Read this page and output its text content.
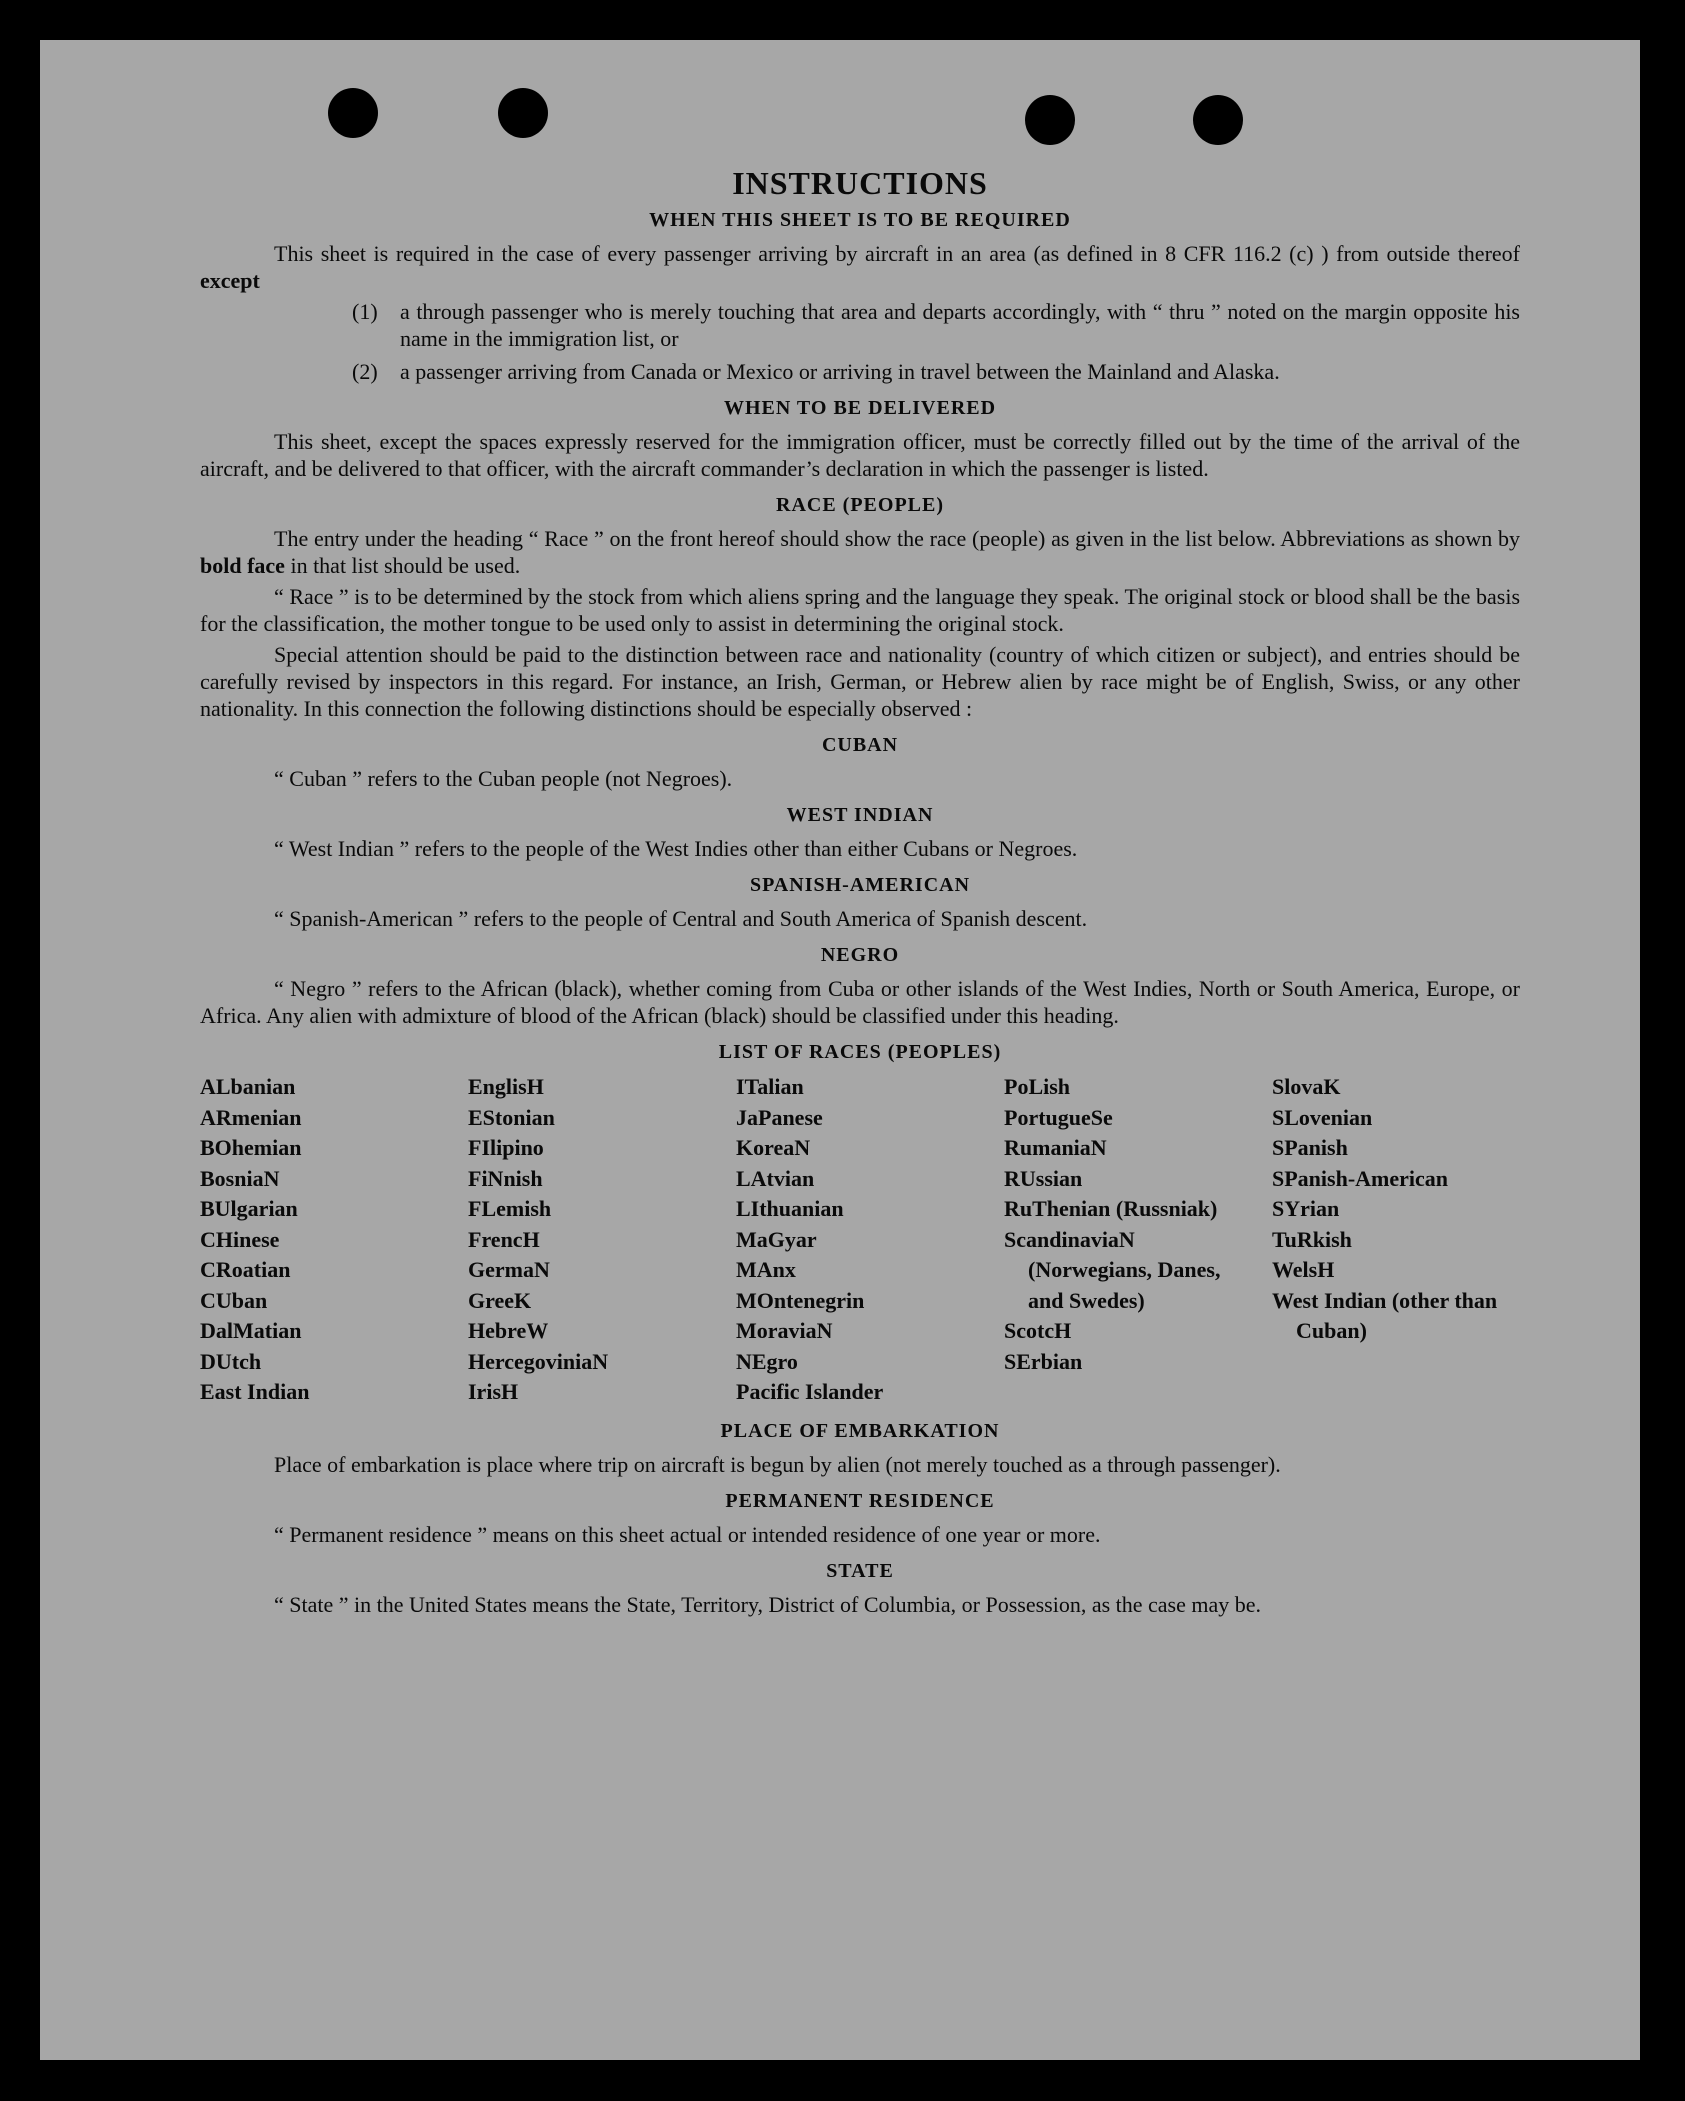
INSTRUCTIONS
WHEN THIS SHEET IS TO BE REQUIRED

This sheet is required in the case of every passenger arriving by aircraft in an area (as defined in 8 CFR 116.2 (c) ) from outside thereof except

(1)	a through passenger who is merely touching that area and departs accordingly, with “ thru ” noted on the margin opposite his name in the immigration list, or
(2)	a passenger arriving from Canada or Mexico or arriving in travel between the Mainland and Alaska.
WHEN TO BE DELIVERED

This sheet, except the spaces expressly reserved for the immigration officer, must be correctly filled out by the time of the arrival of the aircraft, and be delivered to that officer, with the aircraft commander’s declaration in which the passenger is listed.

RACE (PEOPLE)

The entry under the heading “ Race ” on the front hereof should show the race (people) as given in the list below. Abbreviations as shown by bold face in that list should be used.

“ Race ” is to be determined by the stock from which aliens spring and the language they speak. The original stock or blood shall be the basis for the classification, the mother tongue to be used only to assist in determining the original stock.

Special attention should be paid to the distinction between race and nationality (country of which citizen or subject), and entries should be carefully revised by inspectors in this regard. For instance, an Irish, German, or Hebrew alien by race might be of English, Swiss, or any other nationality. In this connection the following distinctions should be especially observed :

CUBAN

“ Cuban ” refers to the Cuban people (not Negroes).

WEST INDIAN

“ West Indian ” refers to the people of the West Indies other than either Cubans or Negroes.

SPANISH-AMERICAN

“ Spanish-American ” refers to the people of Central and South America of Spanish descent.

NEGRO

“ Negro ” refers to the African (black), whether coming from Cuba or other islands of the West Indies, North or South America, Europe, or Africa. Any alien with admixture of blood of the African (black) should be classified under this heading.

LIST OF RACES (PEOPLES)
ALbanian
ARmenian
BOhemian
BosniaN
BUlgarian
CHinese
CRoatian
CUban
DalMatian
DUtch
East Indian
EnglisH
EStonian
FIlipino
FiNnish
FLemish
FrencH
GermaN
GreeK
HebreW
HercegoviniaN
IrisH
ITalian
JaPanese
KoreaN
LAtvian
LIthuanian
MaGyar
MAnx
MOntenegrin
MoraviaN
NEgro
Pacific Islander
PoLish
PortugueSe
RumaniaN
RUssian
RuThenian (Russniak)
ScandinaviaN (Norwegians, Danes, and Swedes)
ScotcH
SErbian
SlovaK
SLovenian
SPanish
SPanish-American
SYrian
TuRkish
WelsH
West Indian (other than Cuban)
PLACE OF EMBARKATION

Place of embarkation is place where trip on aircraft is begun by alien (not merely touched as a through passenger).

PERMANENT RESIDENCE

“ Permanent residence ” means on this sheet actual or intended residence of one year or more.

STATE

“ State ” in the United States means the State, Territory, District of Columbia, or Possession, as the case may be.
